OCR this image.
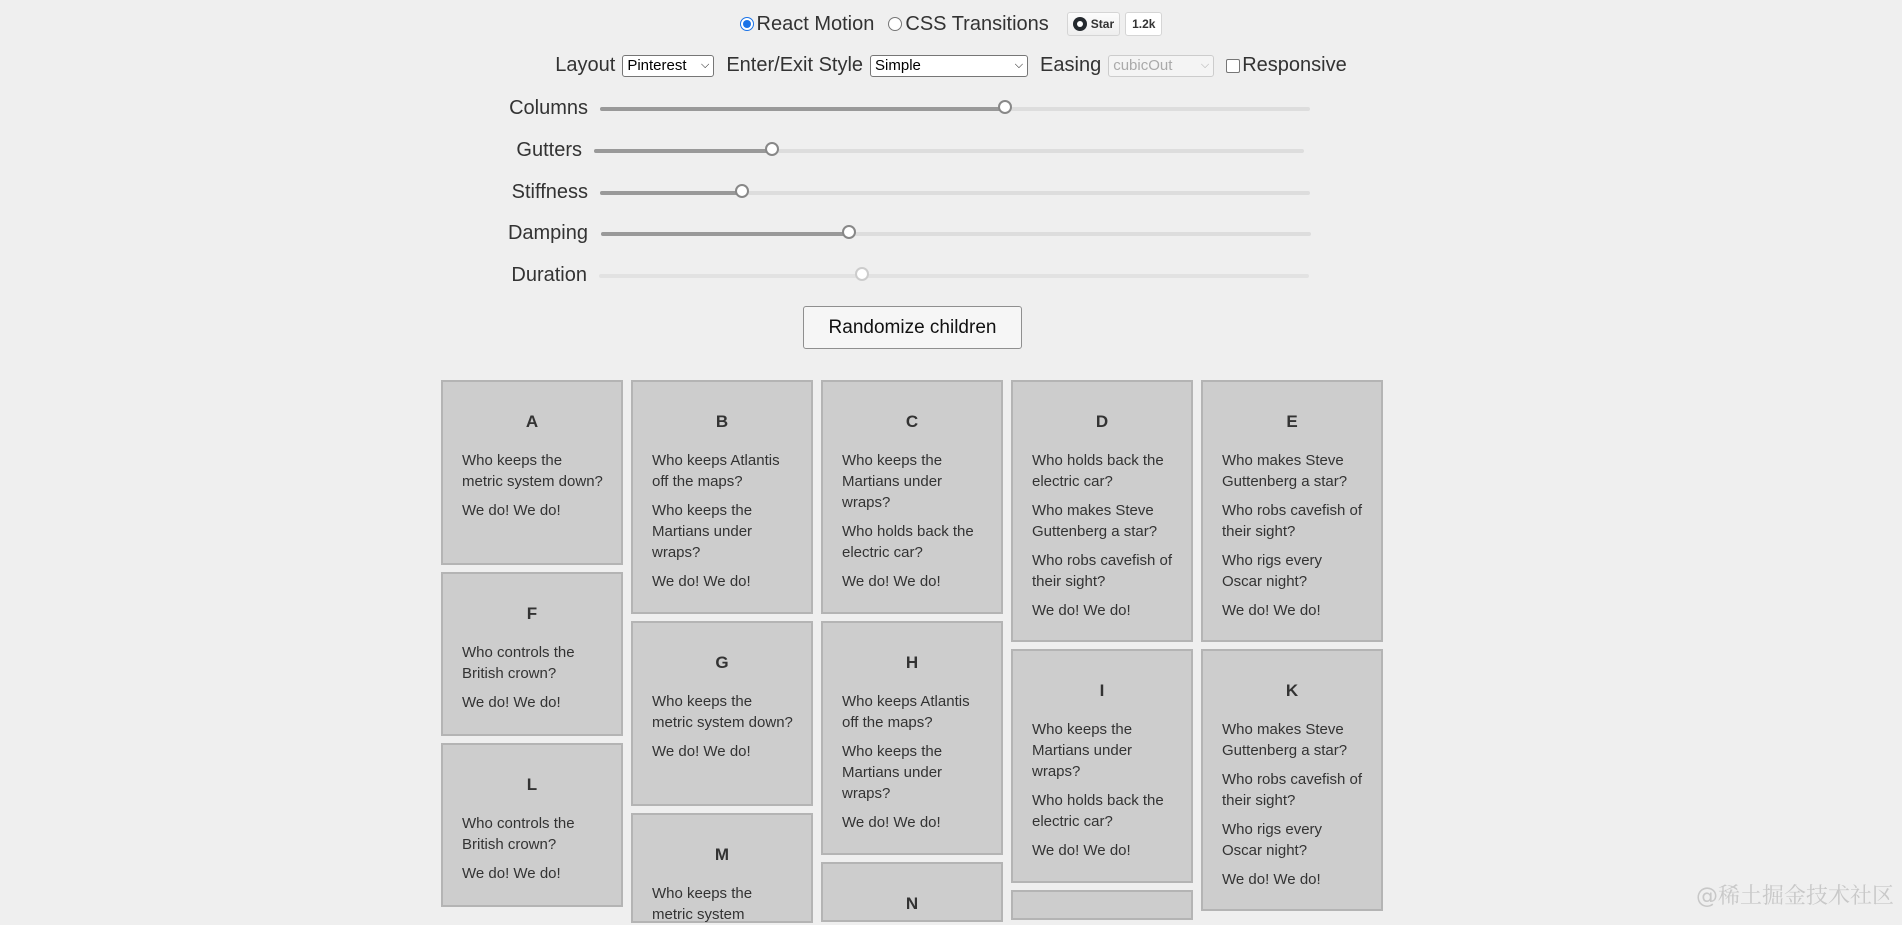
React Motion CSS Transitions	Star	1.2k
Layout Pinterest ⌵ Enter/Exit Style Simple	⌵ Easing cubicOut	⌵ Responsive
Columns
Gutters
Stiffness
Damping
Duration
Randomize children
A
Who keeps the metric system down?
We do! We do!
B
Who keeps Atlantis off the maps?
Who keeps the Martians under wraps?
We do! We do!
C
Who keeps the Martians under wraps?
Who holds back the electric car?
We do! We do!
D
Who holds back the electric car?
Who makes Steve Guttenberg a star?
Who robs cavefish of their sight?
We do! We do!
E
Who makes Steve Guttenberg a star?
Who robs cavefish of their sight?
Who rigs every Oscar night?
We do! We do!
F
Who controls the British crown?
We do! We do!
G
Who keeps the metric system down?
We do! We do!
H
Who keeps Atlantis off the maps?
Who keeps the Martians under wraps?
We do! We do!
I
Who keeps the Martians under wraps?
Who holds back the electric car?
We do! We do!
K
Who makes Steve Guttenberg a star?
Who robs cavefish of their sight?
Who rigs every Oscar night?
We do! We do!
L
Who controls the British crown?
We do! We do!
M
Who keeps the metric system
N	@稀土掘金技术社区
